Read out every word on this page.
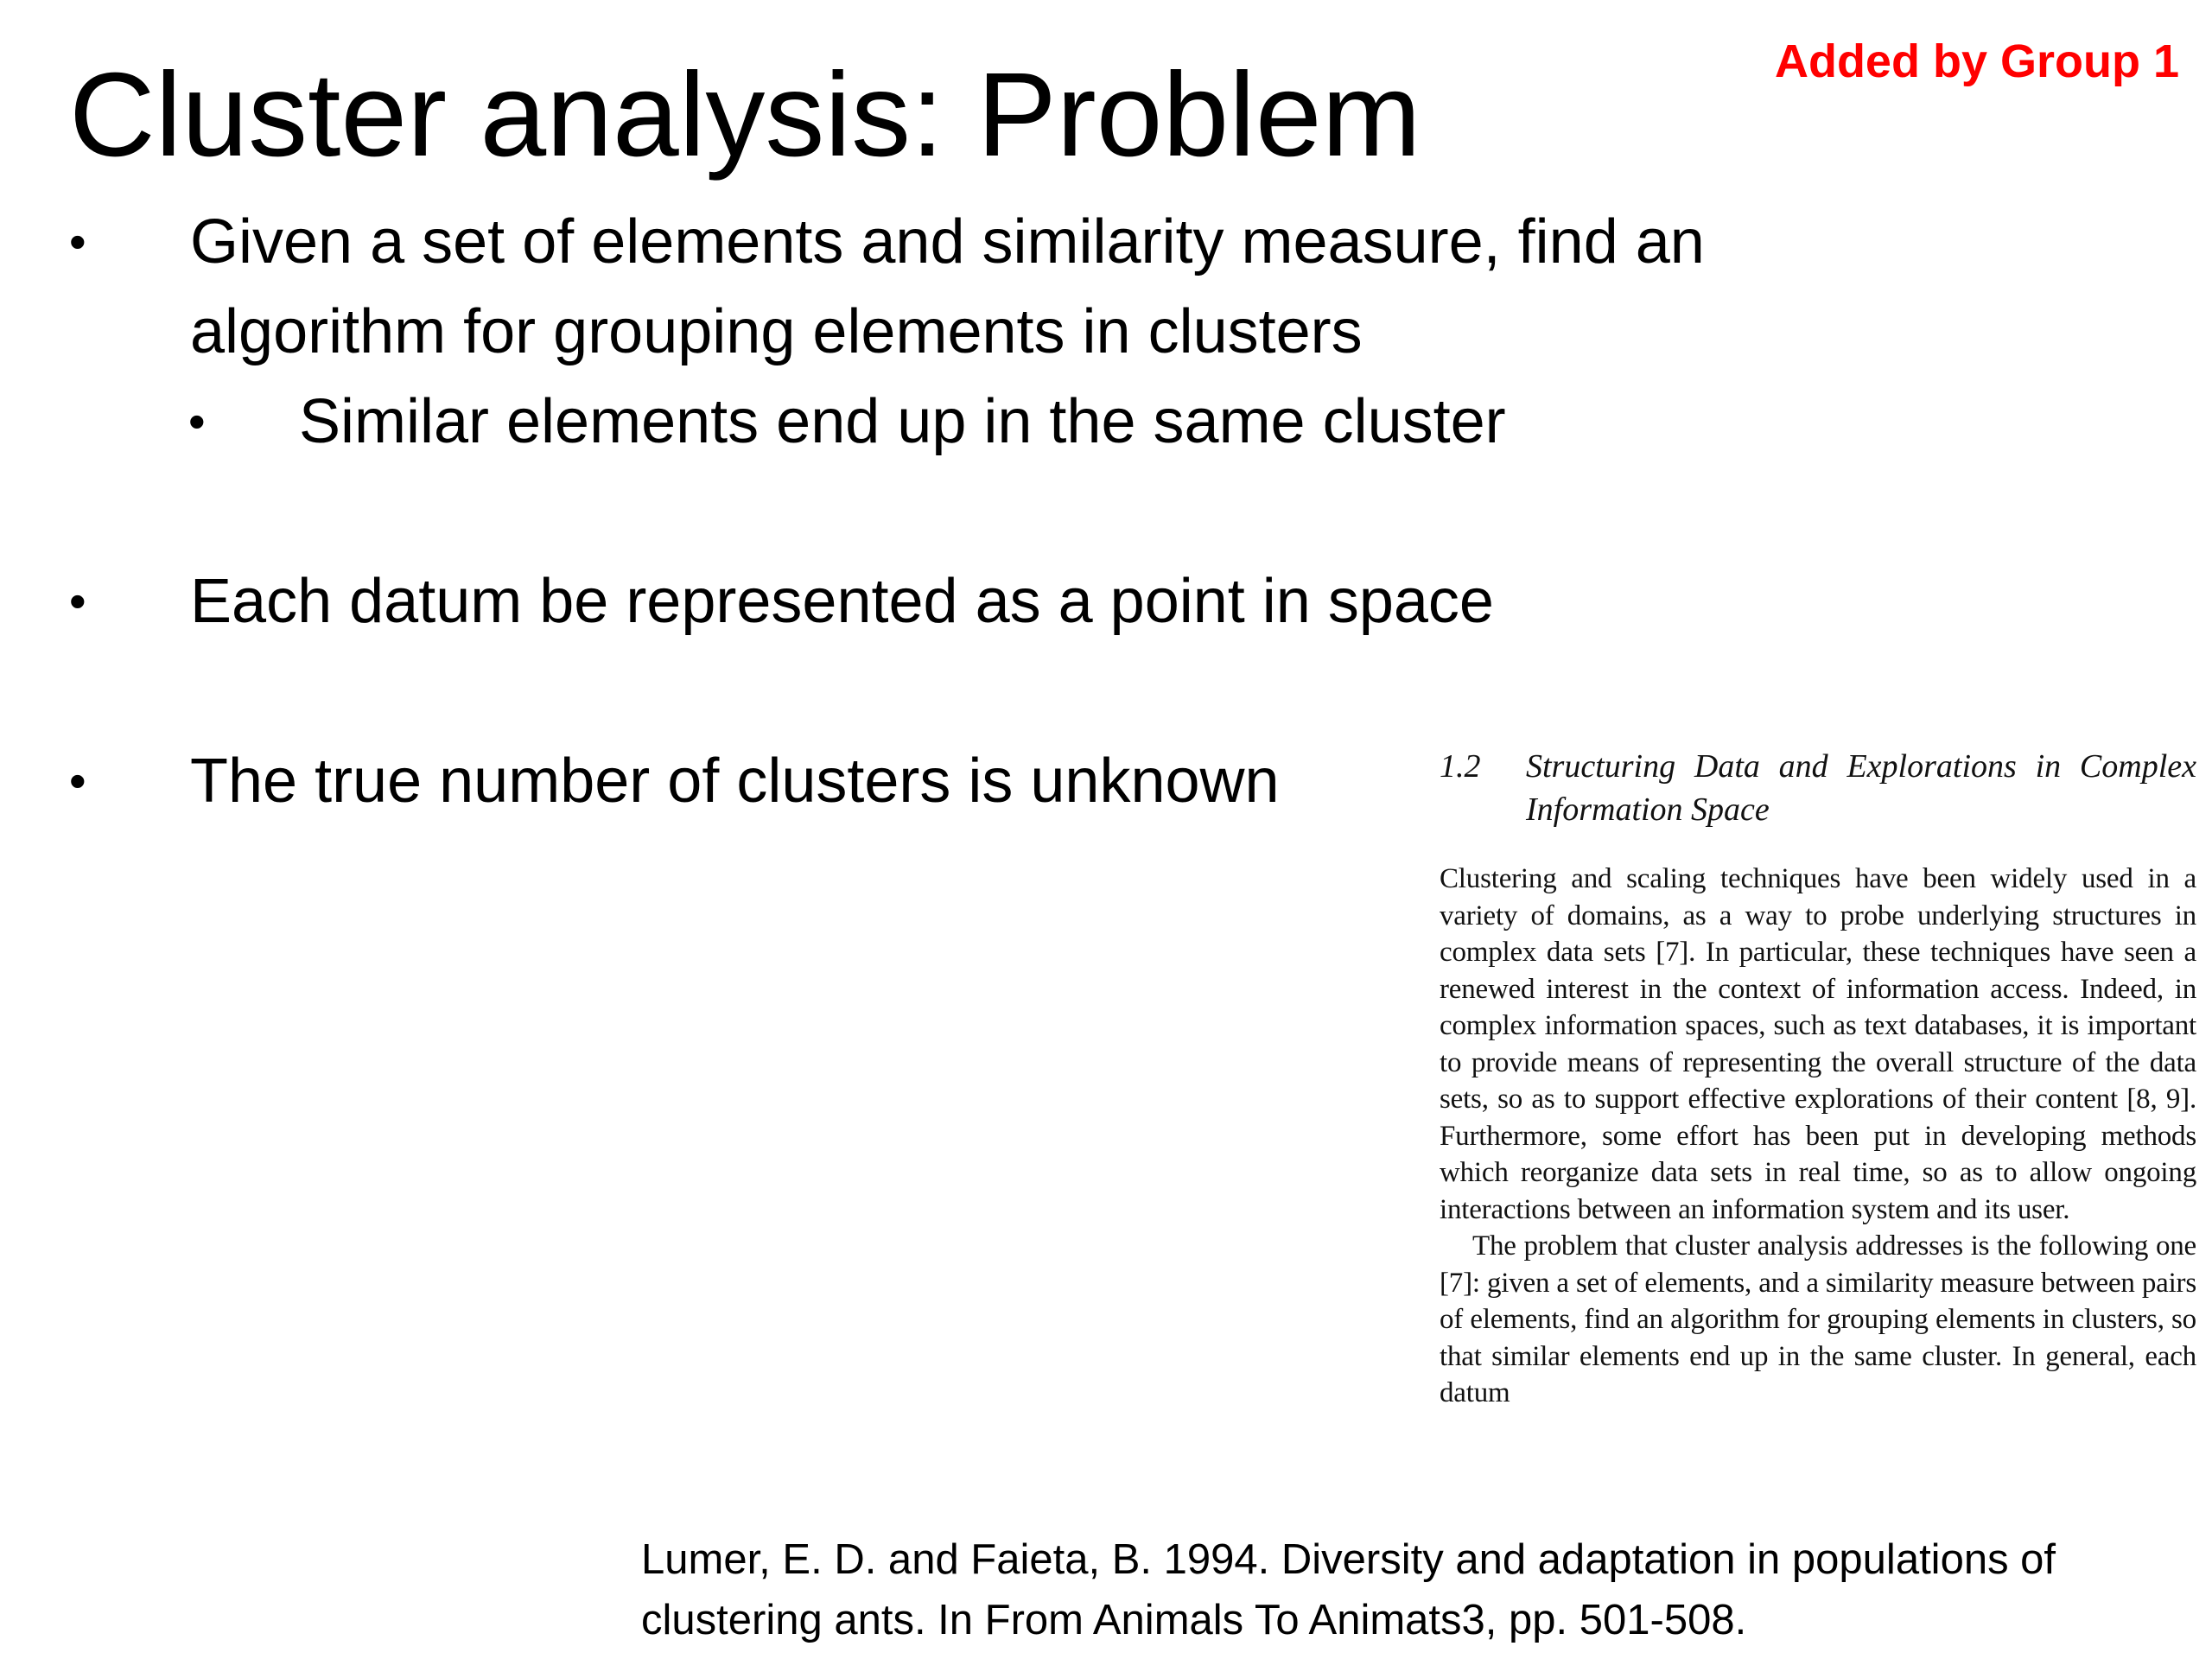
Added by Group 1
Cluster analysis: Problem
•	Given a set of elements and similarity measure, find an algorithm for grouping elements in clusters
•	Similar elements end up in the same cluster
•	Each datum be represented as a point in space
•	The true number of clusters is unknown	1.2	Structuring Data and Explorations in Complex Information Space

Clustering and scaling techniques have been widely used in a variety of domains, as a way to probe underlying structures in complex data sets [7]. In particular, these techniques have seen a renewed interest in the context of information access. Indeed, in complex information spaces, such as text databases, it is important to provide means of representing the overall structure of the data sets, so as to support effective explorations of their content [8, 9]. Furthermore, some effort has been put in developing methods which reorganize data sets in real time, so as to allow ongoing interactions between an information system and its user.

The problem that cluster analysis addresses is the following one [7]: given a set of elements, and a similarity measure between pairs of elements, find an algorithm for grouping elements in clusters, so that similar elements end up in the same cluster. In general, each datum

Lumer, E. D. and Faieta, B. 1994. Diversity and adaptation in populations of clustering ants. In From Animals To Animats3, pp. 501-508.
